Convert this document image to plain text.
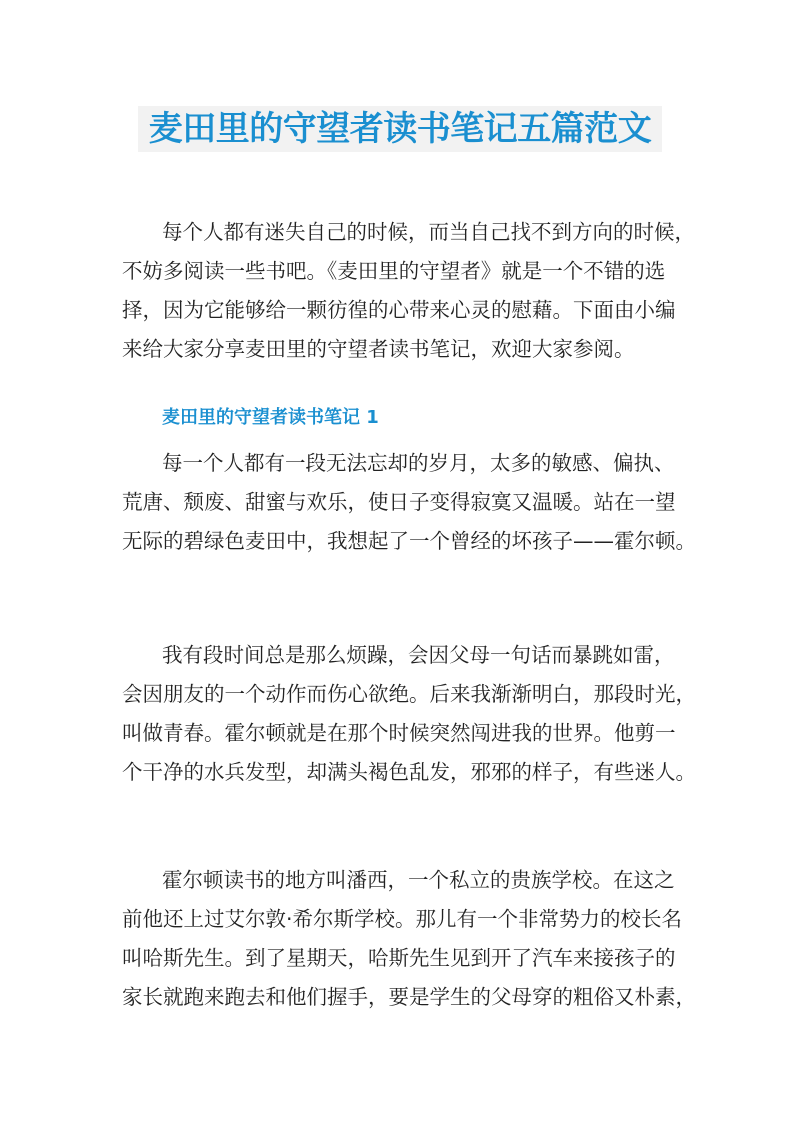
麦田里的守望者读书笔记五篇范文
每个人都有迷失自己的时候，而当自己找不到方向的时候，
不妨多阅读一些书吧。《麦田里的守望者》就是一个不错的选
择，因为它能够给一颗彷徨的心带来心灵的慰藉。下面由小编
来给大家分享麦田里的守望者读书笔记，欢迎大家参阅。
麦田里的守望者读书笔记 1
每一个人都有一段无法忘却的岁月，太多的敏感、偏执、
荒唐、颓废、甜蜜与欢乐，使日子变得寂寞又温暖。站在一望
无际的碧绿色麦田中，我想起了一个曾经的坏孩子——霍尔顿。
我有段时间总是那么烦躁，会因父母一句话而暴跳如雷，
会因朋友的一个动作而伤心欲绝。后来我渐渐明白，那段时光，
叫做青春。霍尔顿就是在那个时候突然闯进我的世界。他剪一
个干净的水兵发型，却满头褐色乱发，邪邪的样子，有些迷人。
霍尔顿读书的地方叫潘西，一个私立的贵族学校。在这之
前他还上过艾尔敦·希尔斯学校。那儿有一个非常势力的校长名
叫哈斯先生。到了星期天，哈斯先生见到开了汽车来接孩子的
家长就跑来跑去和他们握手，要是学生的父母穿的粗俗又朴素，
